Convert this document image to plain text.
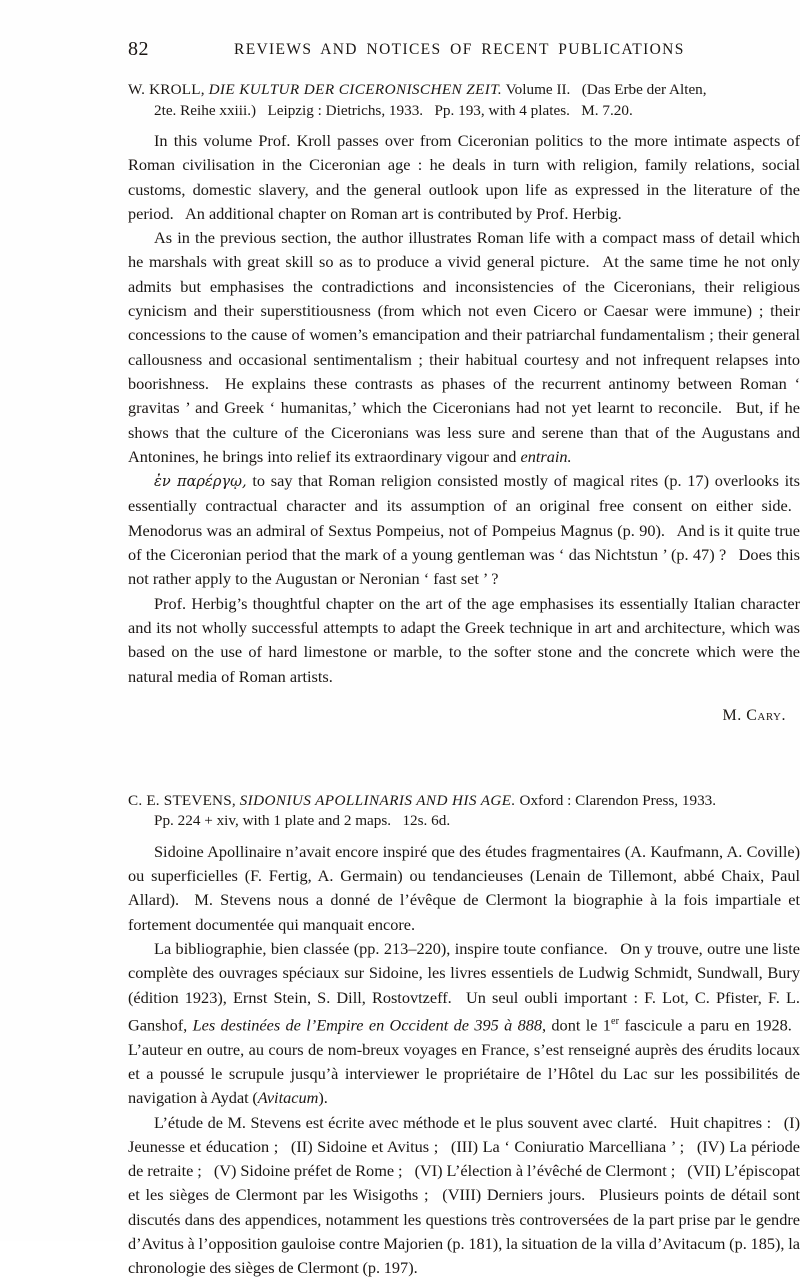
82	REVIEWS AND NOTICES OF RECENT PUBLICATIONS
W. KROLL, DIE KULTUR DER CICERONISCHEN ZEIT. Volume II.  (Das Erbe der Alten,
2te. Reihe xxiii.)  Leipzig : Dietrichs, 1933.  Pp. 193, with 4 plates.  M. 7.20.

In this volume Prof. Kroll passes over from Ciceronian politics to the more intimate aspects of Roman civilisation in the Ciceronian age : he deals in turn with religion, family relations, social customs, domestic slavery, and the general outlook upon life as expressed in the literature of the period.  An additional chapter on Roman art is contributed by Prof. Herbig.

As in the previous section, the author illustrates Roman life with a compact mass of detail which he marshals with great skill so as to produce a vivid general picture.  At the same time he not only admits but emphasises the contradictions and inconsistencies of the Ciceronians, their religious cynicism and their superstitiousness (from which not even Cicero or Caesar were immune) ; their concessions to the cause of women’s emancipation and their patriarchal fundamentalism ; their general callousness and occasional sentimentalism ; their habitual courtesy and not infrequent relapses into boorishness.  He explains these contrasts as phases of the recurrent antinomy between Roman ‘ gravitas ’ and Greek ‘ humanitas,’ which the Ciceronians had not yet learnt to reconcile.  But, if he shows that the culture of the Ciceronians was less sure and serene than that of the Augustans and Antonines, he brings into relief its extraordinary vigour and entrain.

ἐν παρέργῳ, to say that Roman religion consisted mostly of magical rites (p. 17) overlooks its essentially contractual character and its assumption of an original free consent on either side.  Menodorus was an admiral of Sextus Pompeius, not of Pompeius Magnus (p. 90).  And is it quite true of the Ciceronian period that the mark of a young gentleman was ‘ das Nichtstun ’ (p. 47) ?  Does this not rather apply to the Augustan or Neronian ‘ fast set ’ ?

Prof. Herbig’s thoughtful chapter on the art of the age emphasises its essentially Italian character and its not wholly successful attempts to adapt the Greek technique in art and architecture, which was based on the use of hard limestone or marble, to the softer stone and the concrete which were the natural media of Roman artists.

M. Cary.
C. E. STEVENS, SIDONIUS APOLLINARIS AND HIS AGE. Oxford : Clarendon Press, 1933.
Pp. 224 + xiv, with 1 plate and 2 maps.  12s. 6d.

Sidoine Apollinaire n’avait encore inspiré que des études fragmentaires (A. Kaufmann, A. Coville) ou superficielles (F. Fertig, A. Germain) ou tendancieuses (Lenain de Tillemont, abbé Chaix, Paul Allard).  M. Stevens nous a donné de l’évêque de Clermont la biographie à la fois impartiale et fortement documentée qui manquait encore.

La bibliographie, bien classée (pp. 213–220), inspire toute confiance.  On y trouve, outre une liste complète des ouvrages spéciaux sur Sidoine, les livres essentiels de Ludwig Schmidt, Sundwall, Bury (édition 1923), Ernst Stein, S. Dill, Rostovtzeff.  Un seul oubli important : F. Lot, C. Pfister, F. L. Ganshof, Les destinées de l’Empire en Occident de 395 à 888, dont le 1er fascicule a paru en 1928.  L’auteur en outre, au cours de nom-breux voyages en France, s’est renseigné auprès des érudits locaux et a poussé le scrupule jusqu’à interviewer le propriétaire de l’Hôtel du Lac sur les possibilités de navigation à Aydat (Avitacum).

L’étude de M. Stevens est écrite avec méthode et le plus souvent avec clarté.  Huit chapitres :  (I) Jeunesse et éducation ;  (II) Sidoine et Avitus ;  (III) La ‘ Coniuratio Marcelliana ’ ;  (IV) La période de retraite ;  (V) Sidoine préfet de Rome ;  (VI) L’élection à l’évêché de Clermont ;  (VII) L’épiscopat et les sièges de Clermont par les Wisigoths ;  (VIII) Derniers jours.  Plusieurs points de détail sont discutés dans des appendices, notamment les questions très controversées de la part prise par le gendre d’Avitus à l’opposition gauloise contre Majorien (p. 181), la situation de la villa d’Avitacum (p. 185), la chronologie des sièges de Clermont (p. 197).
